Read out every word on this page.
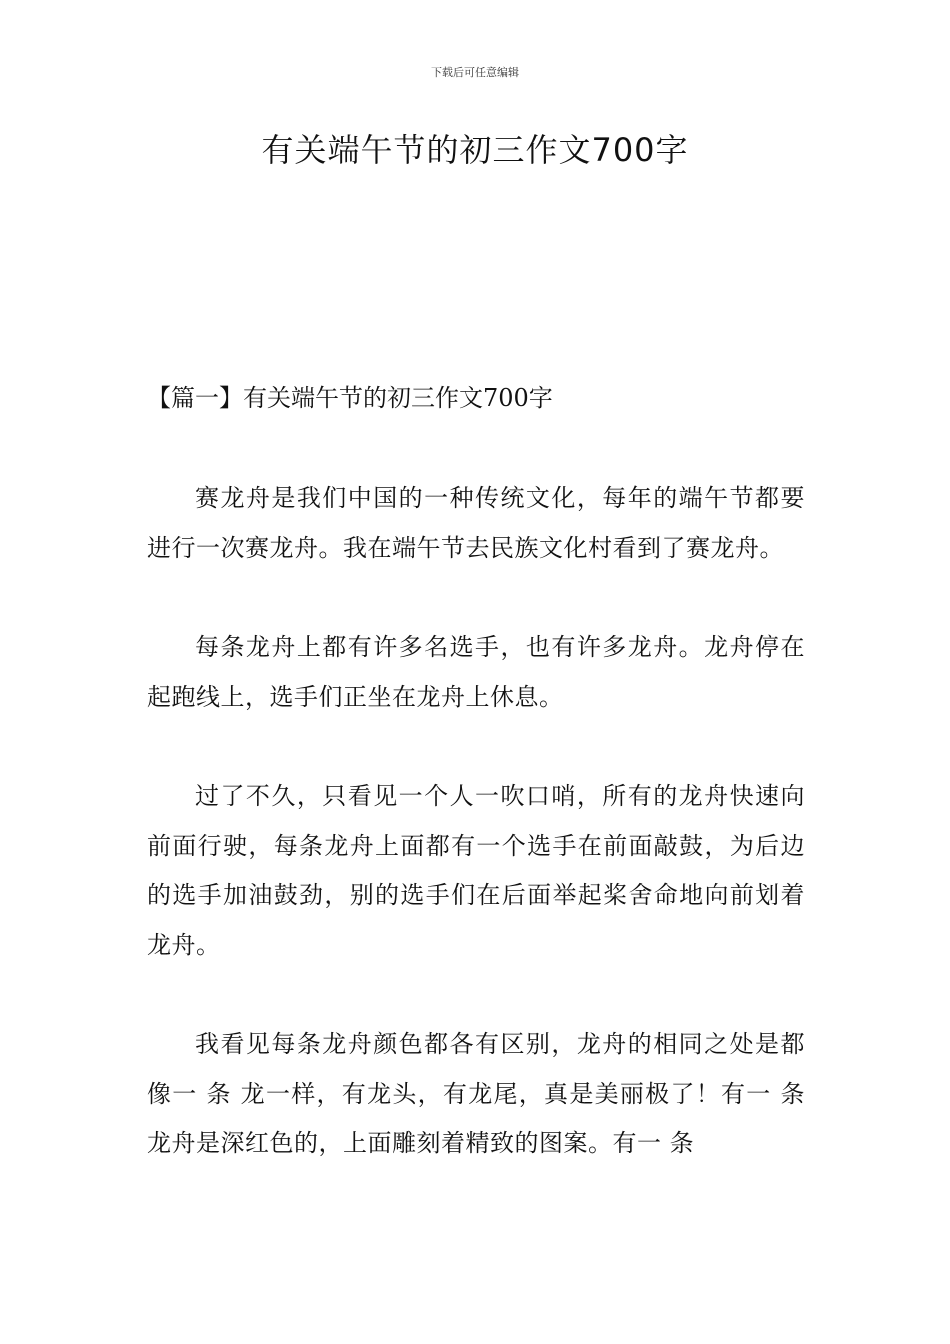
下载后可任意编辑
有关端午节的初三作文700字
【篇一】有关端午节的初三作文700字

赛龙舟是我们中国的一种传统文化，每年的端午节都要进行一次赛龙舟。我在端午节去民族文化村看到了赛龙舟。

每条龙舟上都有许多名选手，也有许多龙舟。龙舟停在起跑线上，选手们正坐在龙舟上休息。

过了不久，只看见一个人一吹口哨，所有的龙舟快速向前面行驶，每条龙舟上面都有一个选手在前面敲鼓，为后边的选手加油鼓劲，别的选手们在后面举起桨舍命地向前划着龙舟。

我看见每条龙舟颜色都各有区别，龙舟的相同之处是都像一 条 龙一样，有龙头，有龙尾，真是美丽极了！有一 条 龙舟是深红色的，上面雕刻着精致的图案。有一 条
